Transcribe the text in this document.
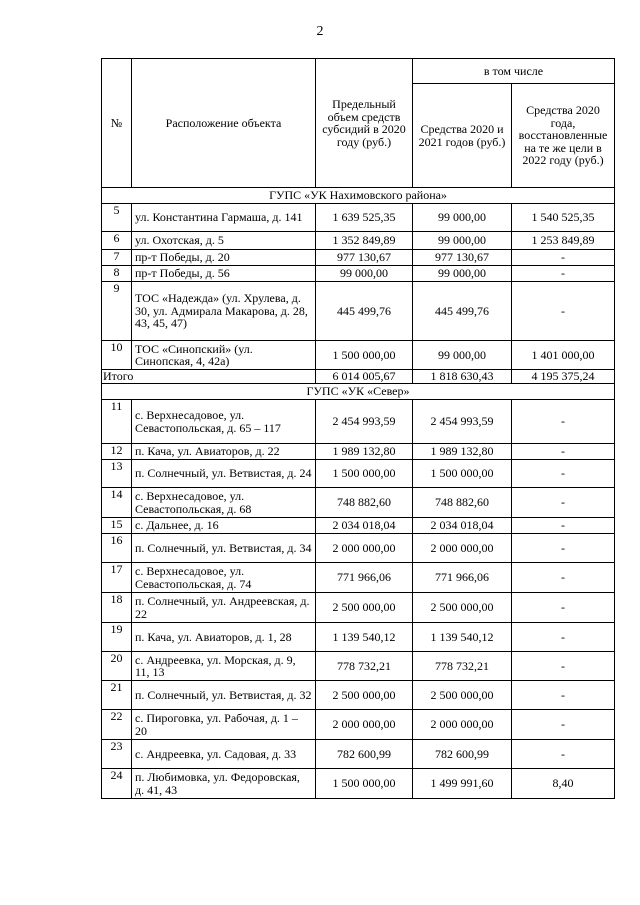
2
№	Расположение объекта	Предельный объем средств субсидий в 2020 году (руб.)	в том числе	
			Средства 2020 и 2021 годов (руб.)	Средства 2020 года, восстановленные на те же цели в 2022 году (руб.)
ГУПС «УК Нахимовского района»				
5	ул. Константина Гармаша, д. 141	1 639 525,35	99 000,00	1 540 525,35
6	ул. Охотская, д. 5	1 352 849,89	99 000,00	1 253 849,89
7	пр-т Победы, д. 20	977 130,67	977 130,67	-
8	пр-т Победы, д. 56	99 000,00	99 000,00	-
9	ТОС «Надежда» (ул. Хрулева, д. 30, ул. Адмирала Макарова, д. 28, 43, 45, 47)	445 499,76	445 499,76	-
10	ТОС «Синопский» (ул. Синопская, 4, 42а)	1 500 000,00	99 000,00	1 401 000,00
Итого		6 014 005,67	1 818 630,43	4 195 375,24
ГУПС «УК «Север»				
11	с. Верхнесадовое, ул. Севастопольская, д. 65 – 117	2 454 993,59	2 454 993,59	-
12	п. Кача, ул. Авиаторов, д. 22	1 989 132,80	1 989 132,80	-
13	п. Солнечный, ул. Ветвистая, д. 24	1 500 000,00	1 500 000,00	-
14	с. Верхнесадовое, ул. Севастопольская, д. 68	748 882,60	748 882,60	-
15	с. Дальнее, д. 16	2 034 018,04	2 034 018,04	-
16	п. Солнечный, ул. Ветвистая, д. 34	2 000 000,00	2 000 000,00	-
17	с. Верхнесадовое, ул. Севастопольская, д. 74	771 966,06	771 966,06	-
18	п. Солнечный, ул. Андреевская, д. 22	2 500 000,00	2 500 000,00	-
19	п. Кача, ул. Авиаторов, д. 1, 28	1 139 540,12	1 139 540,12	-
20	с. Андреевка, ул. Морская, д. 9, 11, 13	778 732,21	778 732,21	-
21	п. Солнечный, ул. Ветвистая, д. 32	2 500 000,00	2 500 000,00	-
22	с. Пироговка, ул. Рабочая, д. 1 – 20	2 000 000,00	2 000 000,00	-
23	с. Андреевка, ул. Садовая, д. 33	782 600,99	782 600,99	-
24	п. Любимовка, ул. Федоровская, д. 41, 43	1 500 000,00	1 499 991,60	8,40
